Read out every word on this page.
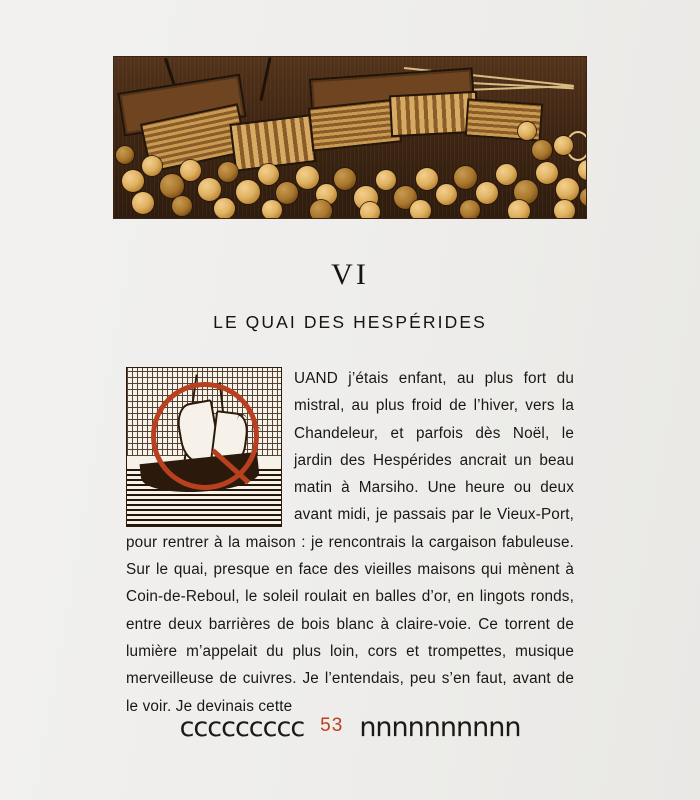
VI
LE QUAI DES HESPÉRIDES
UAND j’étais enfant, au plus fort du mistral, au plus froid de l’hiver, vers la Chandeleur, et parfois dès Noël, le jardin des Hespérides ancrait un beau matin à Marsiho. Une heure ou deux avant midi, je passais par le Vieux-Port, pour rentrer à la maison : je rencontrais la cargaison fabuleuse. Sur le quai, presque en face des vieilles maisons qui mènent à Coin-de-Reboul, le soleil roulait en balles d’or, en lingots ronds, entre deux barrières de bois blanc à claire-voie. Ce torrent de lumière m’appelait du plus loin, cors et trompettes, musique merveilleuse de cuivres. Je l’entendais, peu s’en faut, avant de le voir. Je devinais cette
ccccccccc 53 nnnnnnnnnn
